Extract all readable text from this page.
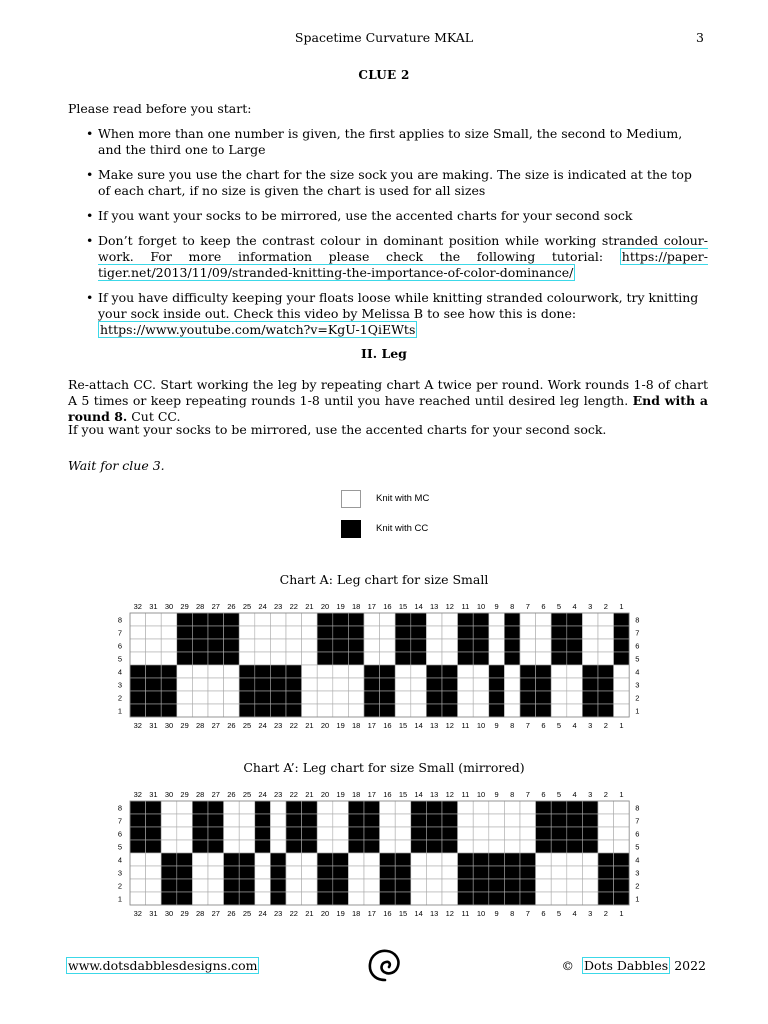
Spacetime Curvature MKAL	3
CLUE 2
Please read before you start:
• When more than one number is given, the first applies to size Small, the second to Medium, and the third one to Large
• Make sure you use the chart for the size sock you are making. The size is indicated at the top of each chart, if no size is given the chart is used for all sizes
• If you want your socks to be mirrored, use the accented charts for your second sock
• Don’t forget to keep the contrast colour in dominant position while working stranded colour-work. For more information please check the following tutorial: https://paper-tiger.net/2013/11/09/stranded-knitting-the-importance-of-color-dominance/
• If you have difficulty keeping your floats loose while knitting stranded colourwork, try knitting your sock inside out. Check this video by Melissa B to see how this is done: https://www.youtube.com/watch?v=KgU-1QiEWts
II. Leg
Re-attach CC. Start working the leg by repeating chart A twice per round. Work rounds 1-8 of chart A 5 times or keep repeating rounds 1-8 until you have reached until desired leg length. End with a round 8. Cut CC.
If you want your socks to be mirrored, use the accented charts for your second sock.
Wait for clue 3.
Knit with MC
Knit with CC
Chart A: Leg chart for size Small
32
32
31
31
30
30
29
29
28
28
27
27
26
26
25
25
24
24
23
23
22
22
21
21
20
20
19
19
18
18
17
17
16
16
15
15
14
14
13
13
12
12
11
11
10
10
9
9
8
8
7
7
6
6
5
5
4
4
3
3
2
2
1
1
8	8
7	7
6	6
5	5
4	4
3	3
2	2
1	1
Chart A’: Leg chart for size Small (mirrored)
32
32
31
31
30
30
29
29
28
28
27
27
26
26
25
25
24
24
23
23
22
22
21
21
20
20
19
19
18
18
17
17
16
16
15
15
14
14
13
13
12
12
11
11
10
10
9
9
8
8
7
7
6
6
5
5
4
4
3
3
2
2
1
1
8	8
7	7
6	6
5	5
4	4
3	3
2	2
1	1
www.dotsdabblesdesigns.com	© Dots Dabbles 2022
